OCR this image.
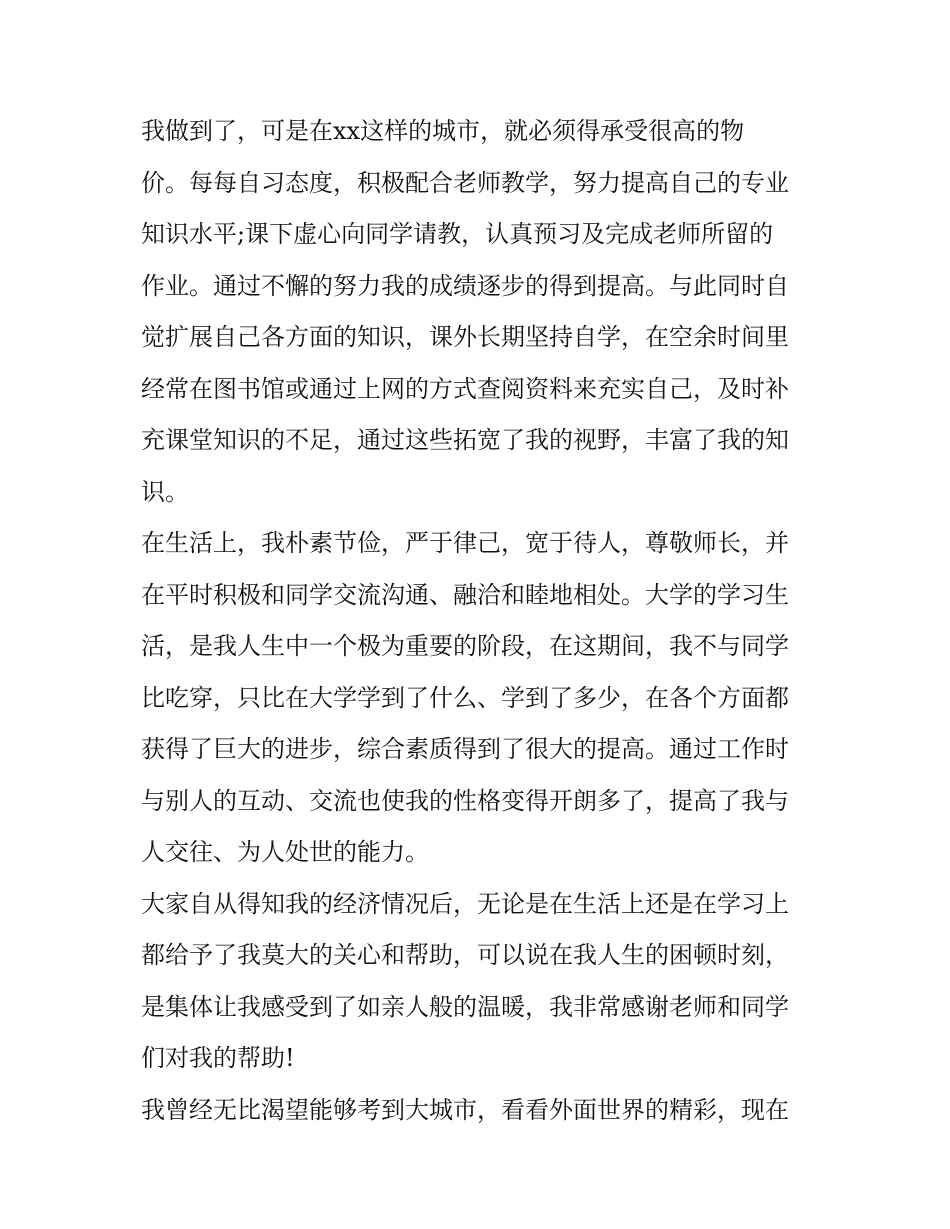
我做到了，可是在xx这样的城市，就必须得承受很高的物
价。每每自习态度，积极配合老师教学，努力提高自己的专业
知识水平;课下虚心向同学请教，认真预习及完成老师所留的
作业。通过不懈的努力我的成绩逐步的得到提高。与此同时自
觉扩展自己各方面的知识，课外长期坚持自学，在空余时间里
经常在图书馆或通过上网的方式查阅资料来充实自己，及时补
充课堂知识的不足，通过这些拓宽了我的视野，丰富了我的知
识。
在生活上，我朴素节俭，严于律己，宽于待人，尊敬师长，并
在平时积极和同学交流沟通、融洽和睦地相处。大学的学习生
活，是我人生中一个极为重要的阶段，在这期间，我不与同学
比吃穿，只比在大学学到了什么、学到了多少，在各个方面都
获得了巨大的进步，综合素质得到了很大的提高。通过工作时
与别人的互动、交流也使我的性格变得开朗多了，提高了我与
人交往、为人处世的能力。
大家自从得知我的经济情况后，无论是在生活上还是在学习上
都给予了我莫大的关心和帮助，可以说在我人生的困顿时刻，
是集体让我感受到了如亲人般的温暖，我非常感谢老师和同学
们对我的帮助!
我曾经无比渴望能够考到大城市，看看外面世界的精彩，现在
